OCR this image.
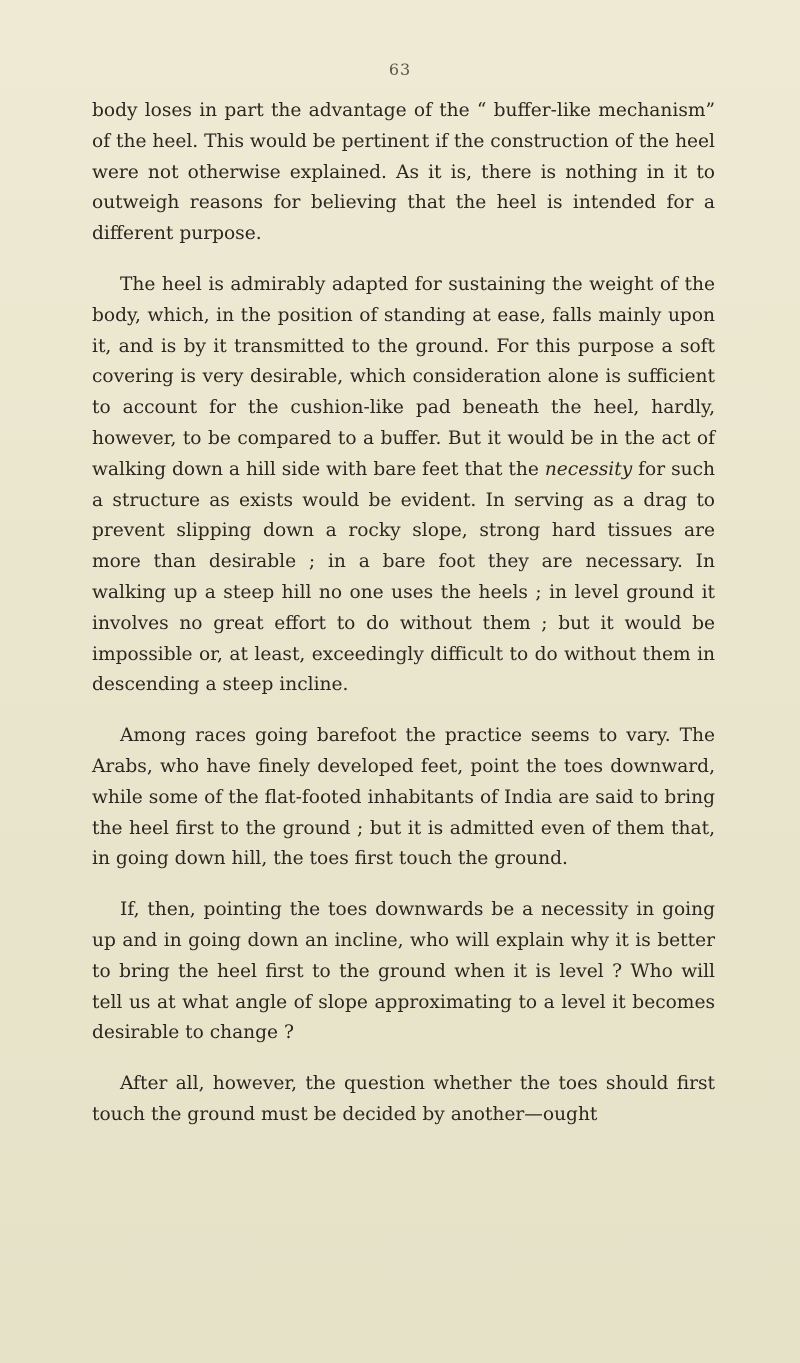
63

body loses in part the advantage of the “ buffer-like mechanism” of the heel. This would be pertinent if the construction of the heel were not otherwise explained. As it is, there is nothing in it to outweigh reasons for believing that the heel is intended for a different purpose.

The heel is admirably adapted for sustaining the weight of the body, which, in the position of standing at ease, falls mainly upon it, and is by it transmitted to the ground. For this purpose a soft covering is very desirable, which consideration alone is sufficient to account for the cushion-like pad beneath the heel, hardly, however, to be compared to a buffer. But it would be in the act of walking down a hill side with bare feet that the necessity for such a structure as exists would be evident. In serving as a drag to prevent slipping down a rocky slope, strong hard tissues are more than desirable ; in a bare foot they are necessary. In walking up a steep hill no one uses the heels ; in level ground it involves no great effort to do without them ; but it would be impossible or, at least, exceedingly difficult to do without them in descending a steep incline.

Among races going barefoot the practice seems to vary. The Arabs, who have finely developed feet, point the toes downward, while some of the flat-footed inhabitants of India are said to bring the heel first to the ground ; but it is admitted even of them that, in going down hill, the toes first touch the ground.

If, then, pointing the toes downwards be a necessity in going up and in going down an incline, who will explain why it is better to bring the heel first to the ground when it is level ? Who will tell us at what angle of slope approximating to a level it becomes desirable to change ?

After all, however, the question whether the toes should first touch the ground must be decided by another—ought
